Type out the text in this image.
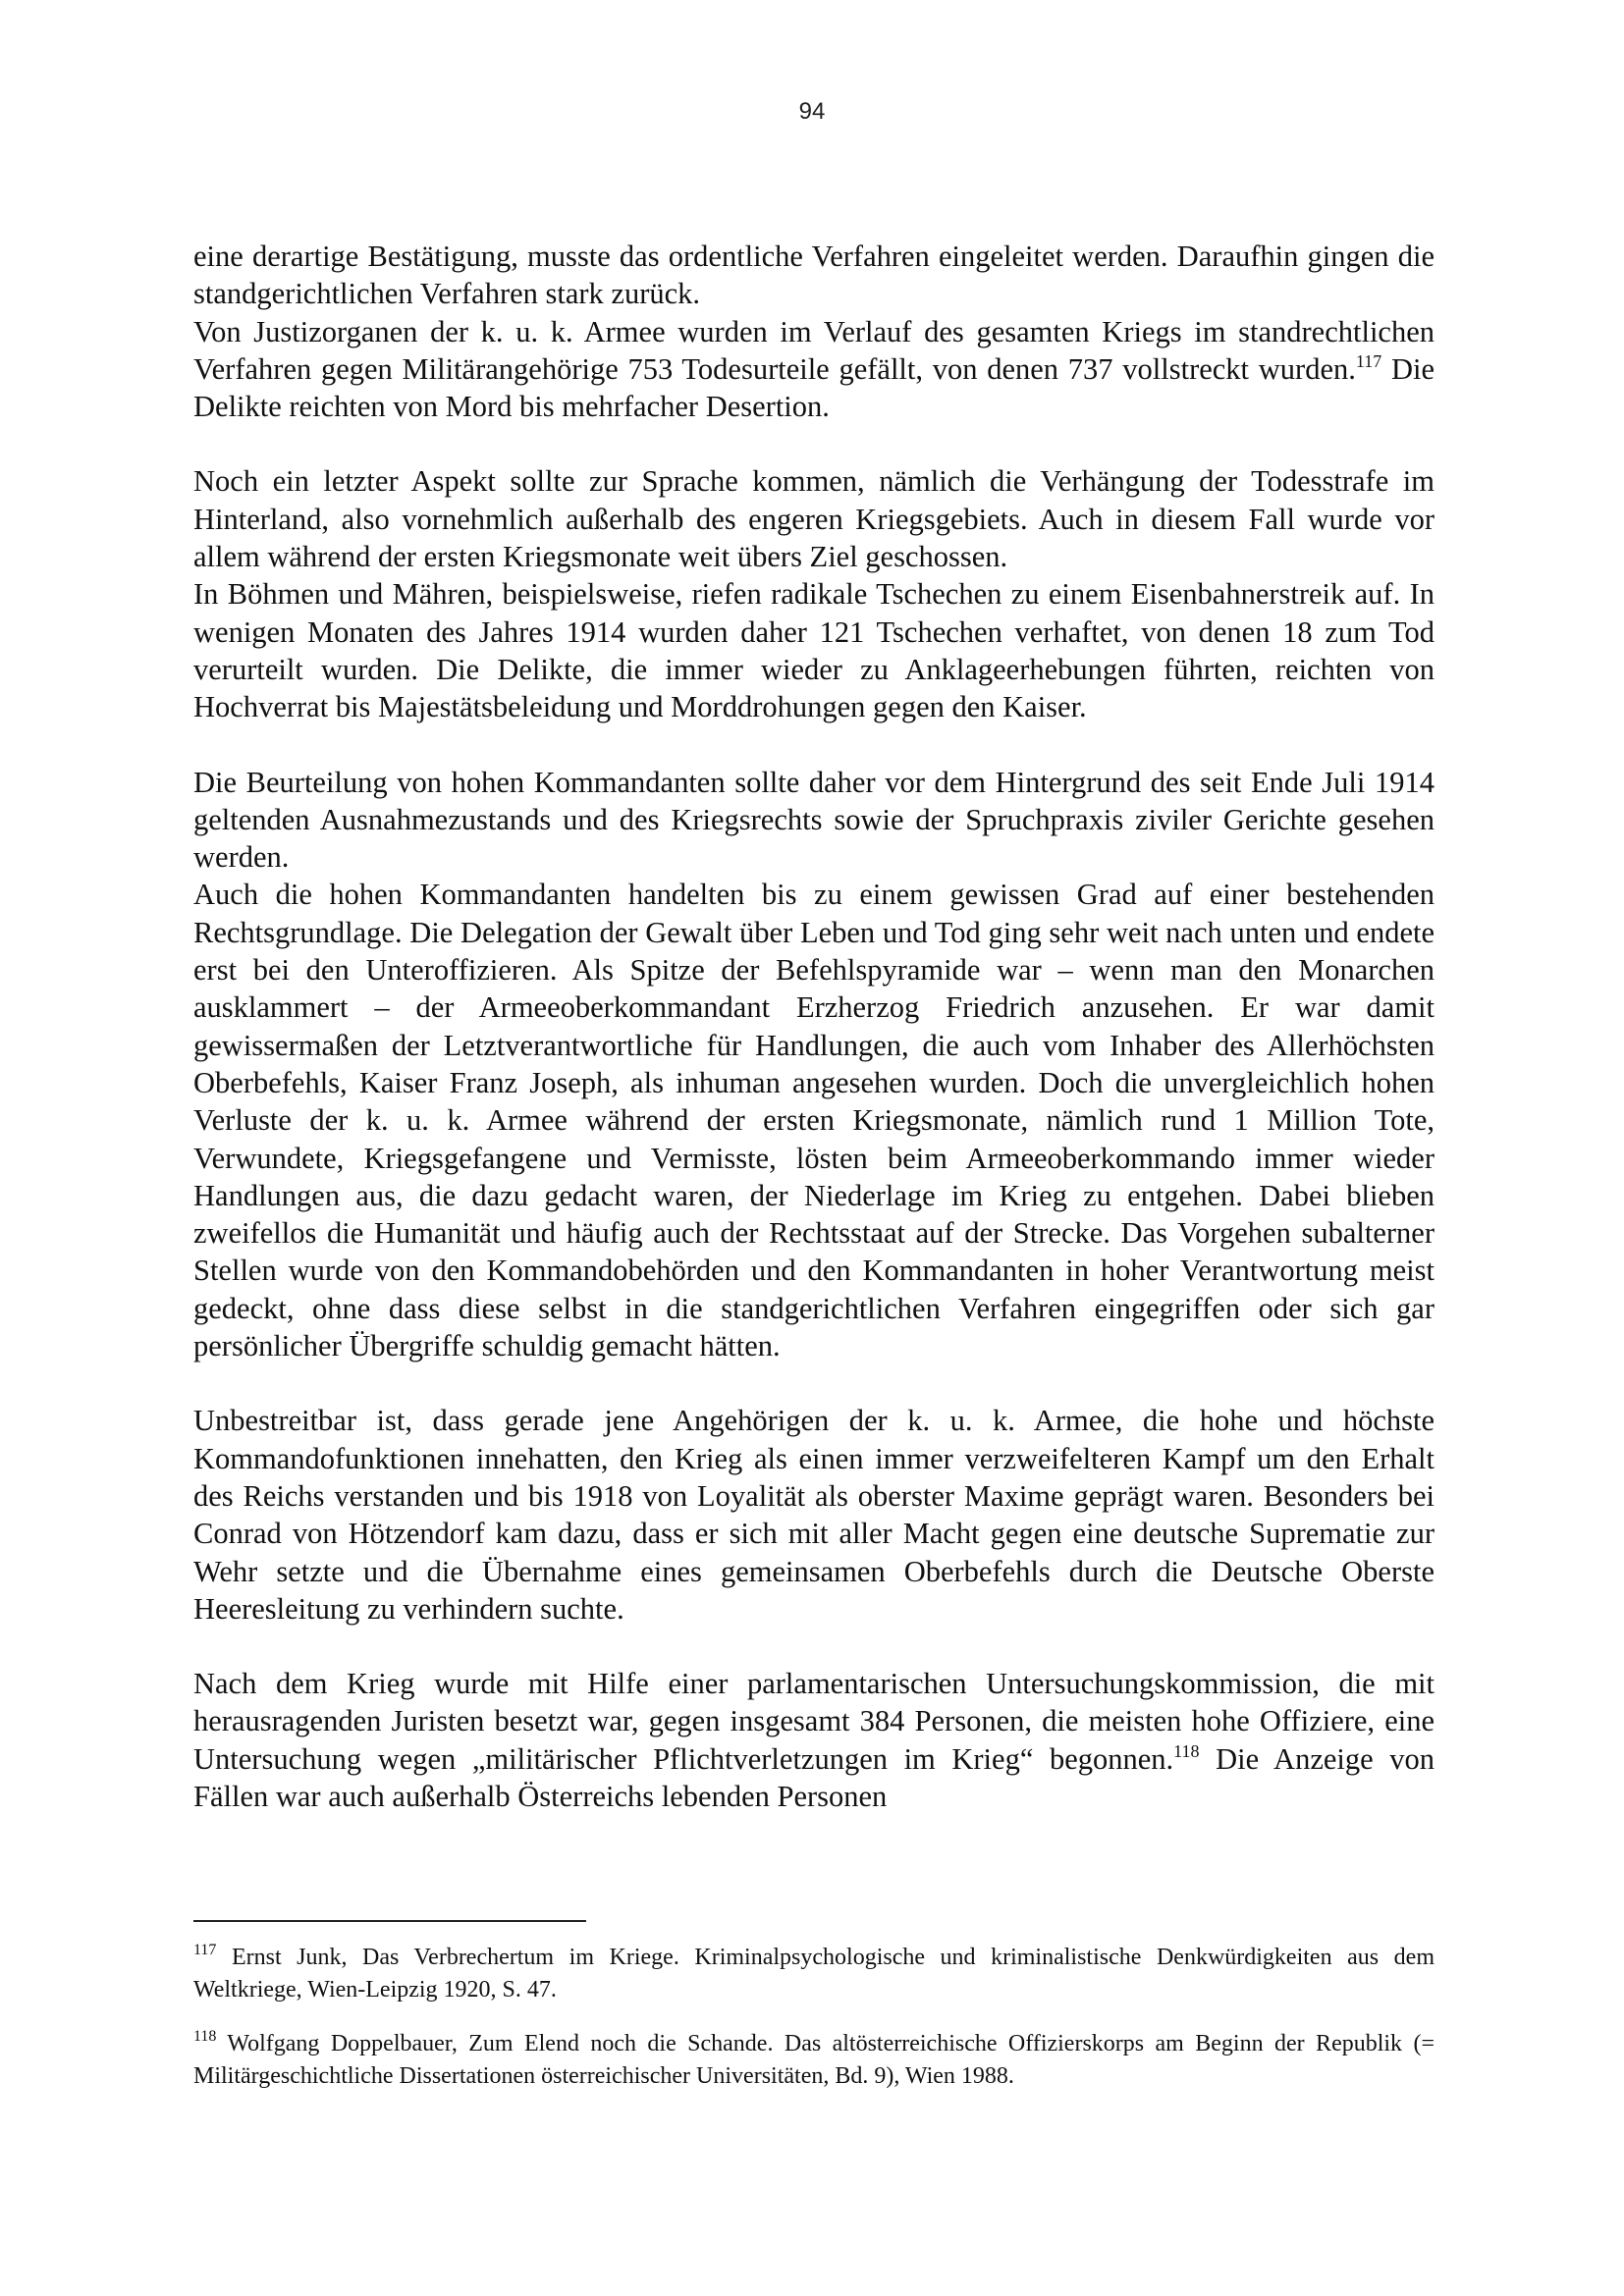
94

eine derartige Bestätigung, musste das ordentliche Verfahren eingeleitet werden. Daraufhin gingen die standgerichtlichen Verfahren stark zurück.

Von Justizorganen der k. u. k. Armee wurden im Verlauf des gesamten Kriegs im standrechtlichen Verfahren gegen Militärangehörige 753 Todesurteile gefällt, von denen 737 vollstreckt wurden.$^{117}$ Die Delikte reichten von Mord bis mehrfacher Desertion.

Noch ein letzter Aspekt sollte zur Sprache kommen, nämlich die Verhängung der Todesstrafe im Hinterland, also vornehmlich außerhalb des engeren Kriegsgebiets. Auch in diesem Fall wurde vor allem während der ersten Kriegsmonate weit übers Ziel geschossen.

In Böhmen und Mähren, beispielsweise, riefen radikale Tschechen zu einem Eisenbahnerstreik auf. In wenigen Monaten des Jahres 1914 wurden daher 121 Tschechen verhaftet, von denen 18 zum Tod verurteilt wurden. Die Delikte, die immer wieder zu Anklageerhebungen führten, reichten von Hochverrat bis Majestätsbeleidung und Morddrohungen gegen den Kaiser.

Die Beurteilung von hohen Kommandanten sollte daher vor dem Hintergrund des seit Ende Juli 1914 geltenden Ausnahmezustands und des Kriegsrechts sowie der Spruchpraxis ziviler Gerichte gesehen werden.

Auch die hohen Kommandanten handelten bis zu einem gewissen Grad auf einer bestehenden Rechtsgrundlage. Die Delegation der Gewalt über Leben und Tod ging sehr weit nach unten und endete erst bei den Unteroffizieren. Als Spitze der Befehlspyramide war – wenn man den Monarchen ausklammert – der Armeeoberkommandant Erzherzog Friedrich anzusehen. Er war damit gewissermaßen der Letztverantwortliche für Handlungen, die auch vom Inhaber des Allerhöchsten Oberbefehls, Kaiser Franz Joseph, als inhuman angesehen wurden. Doch die unvergleichlich hohen Verluste der k. u. k. Armee während der ersten Kriegsmonate, nämlich rund 1 Million Tote, Verwundete, Kriegsgefangene und Vermisste, lösten beim Armeeoberkommando immer wieder Handlungen aus, die dazu gedacht waren, der Niederlage im Krieg zu entgehen. Dabei blieben zweifellos die Humanität und häufig auch der Rechtsstaat auf der Strecke. Das Vorgehen subalterner Stellen wurde von den Kommandobehörden und den Kommandanten in hoher Verantwortung meist gedeckt, ohne dass diese selbst in die standgerichtlichen Verfahren eingegriffen oder sich gar persönlicher Übergriffe schuldig gemacht hätten.

Unbestreitbar ist, dass gerade jene Angehörigen der k. u. k. Armee, die hohe und höchste Kommandofunktionen innehatten, den Krieg als einen immer verzweifelteren Kampf um den Erhalt des Reichs verstanden und bis 1918 von Loyalität als oberster Maxime geprägt waren. Besonders bei Conrad von Hötzendorf kam dazu, dass er sich mit aller Macht gegen eine deutsche Suprematie zur Wehr setzte und die Übernahme eines gemeinsamen Oberbefehls durch die Deutsche Oberste Heeresleitung zu verhindern suchte.

Nach dem Krieg wurde mit Hilfe einer parlamentarischen Untersuchungskommission, die mit herausragenden Juristen besetzt war, gegen insgesamt 384 Personen, die meisten hohe Offiziere, eine Untersuchung wegen „militärischer Pflichtverletzungen im Krieg“ begonnen.$^{118}$ Die Anzeige von Fällen war auch außerhalb Österreichs lebenden Personen

$^{117}$ Ernst Junk, Das Verbrechertum im Kriege. Kriminalpsychologische und kriminalistische Denkwürdigkeiten aus dem Weltkriege, Wien-Leipzig 1920, S. 47.

$^{118}$ Wolfgang Doppelbauer, Zum Elend noch die Schande. Das altösterreichische Offizierskorps am Beginn der Republik (= Militärgeschichtliche Dissertationen österreichischer Universitäten, Bd. 9), Wien 1988.
